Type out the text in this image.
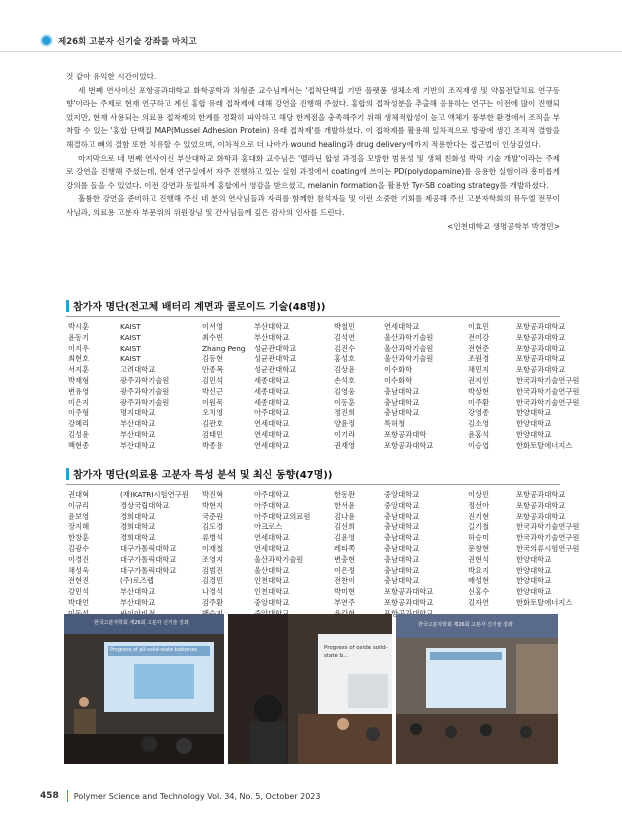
제26회 고분자 신기술 강좌를 마치고

것 같아 유익한 시간이었다.

세 번째 연사이신 포항공과대학교 화학공학과 차형준 교수님께서는 '접착단백질 기반 플랫폼 생체소재 기반의 조직재생 및 약물전달치료 연구동향'이라는 주제로 현재 연구하고 계신 홍합 유래 접착제에 대해 강연을 진행해 주셨다. 홍합의 접착성분을 추출해 응용하는 연구는 이전에 많이 진행되었지만, 현재 사용되는 의료용 접착제의 한계를 정확히 파악하고 해당 한계점을 충족해주기 위해 생체적합성이 높고 액체가 풍부한 환경에서 조직을 부착할 수 있는 '홍합 단백질 MAP(Mussel Adhesion Protein) 유래 접착제'를 개발하셨다. 이 접착제를 활용해 일차적으로 방광에 생긴 조직적 결함을 해결하고 뼈의 결함 또한 치유할 수 있었으며, 이차적으로 더 나아가 wound healing과 drug delivery에까지 적용한다는 접근법이 인상깊었다.

마지막으로 네 번째 연사이신 부산대학교 화학과 홍대화 교수님은 '멜라닌 합성 과정을 모방한 범용성 및 생체 친화성 박막 기술 개발'이라는 주제로 강연을 진행해 주셨는데, 현재 연구실에서 자주 진행하고 있는 실험 과정에서 coating에 쓰이는 PD(polydopamine)를 응용한 실험이라 흥미롭게 강의를 들을 수 있었다. 이전 강연과 동일하게 홍합에서 영감을 받으셨고, melanin formation을 활용한 Tyr-SB coating strategy를 개발하셨다.

훌륭한 강연을 준비하고 진행해 주신 네 분의 연사님들과 자리를 함께한 참석자들 및 이런 소중한 기회를 제공해 주신 고분자학회의 뮤두엘 전무이사님과, 의료용 고분자 부문위의 위원장님 및 간사님들께 깊은 감사의 인사를 드린다.

<인천대학교 생명공학부 박경민>
참가자 명단(전고체 배터리 계면과 콜로이드 기술(48명))
박시훈	KAIST	이서영	부산대학교	박철민	연세대학교	이효민	포항공과대학교
윤동기	KAIST	최수빈	부산대학교	김석연	울산과학기술원	전이강	포항공과대학교
이지우	KAIST	Zhang Peng	성균관대학교	김진수	울산과학기술원	전현준	포항공과대학교
최현호	KAIST	김동현	성균관대학교	홍성호	울산과학기술원	조원경	포항공과대학교
서지훈	고려대학교	안종복	성균관대학교	김상윤	이수화학	채민지	포항공과대학교
박재형	광주과학기술원	김민석	세종대학교	손석호	이수화학	권지인	한국과학기술연구원
변유영	광주과학기술원	박신근	세종대학교	김영웅	충남대학교	박상현	한국과학기술연구원
이은지	광주과학기술원	이원목	세종대학교	이동훈	충남대학교	이주환	한국과학기술연구원
이주형	명지대학교	오치영	아주대학교	정진희	충남대학교	강영종	한양대학교
강혜리	부산대학교	김관호	연세대학교	양윤정	특허청	김소영	한양대학교
김성윤	부산대학교	김태민	연세대학교	이기라	포항공과대학	윤홍석	한양대학교
백현종	부산대학교	박종용	연세대학교	권재영	포항공과대학교	이승엽	한화토탈에너지스
참가자 명단(의료용 고분자 특성 분석 및 최신 동향(47명))
권대혁	(재)KATRI시험연구원	박진혁	아주대학교	한동완	중앙대학교	이상민	포항공과대학교
이규리	경상국립대학교	박현지	아주대학교	한서윤	중앙대학교	정선아	포항공과대학교
윤보영	경희대학교	국준원	아주대학교의료원	김나윤	충남대학교	진기현	포항공과대학교
장지혜	경희대학교	김도경	아크로스	김선희	충남대학교	길기철	한국과학기술연구원
한창훈	경희대학교	류병석	연세대학교	김윤영	충남대학교	허승미	한국과학기술연구원
김광수	대구가톨릭대학교	이재철	연세대학교	레티쪽	충남대학교	문창현	한국의류시험연구원
이경진	대구가톨릭대학교	조영지	울산과학기술원	변충현	충남대학교	권현석	한양대학교
채성욱	대구가톨릭대학교	김범진	울산대학교	이은정	충남대학교	박요지	한양대학교
전현진	(주)로즈랩	김경민	인천대학교	전찬이	충남대학교	배성현	한양대학교
강민석	부산대학교	나경석	인천대학교	박미현	포항공과대학교	신홍수	한양대학교
박대언	부산대학교	김주환	중앙대학교	부연주	포항공과대학교	김자연	한화토탈에너지스
한국고분자학회 제26회 고분자 신기술 강좌
Progress of all-solid-state batteries	Progress of oxide solid-state b...
한국고분자학회 제26회 고분자 신기술 강좌
458 Polymer Science and Technology Vol. 34, No. 5, October 2023
